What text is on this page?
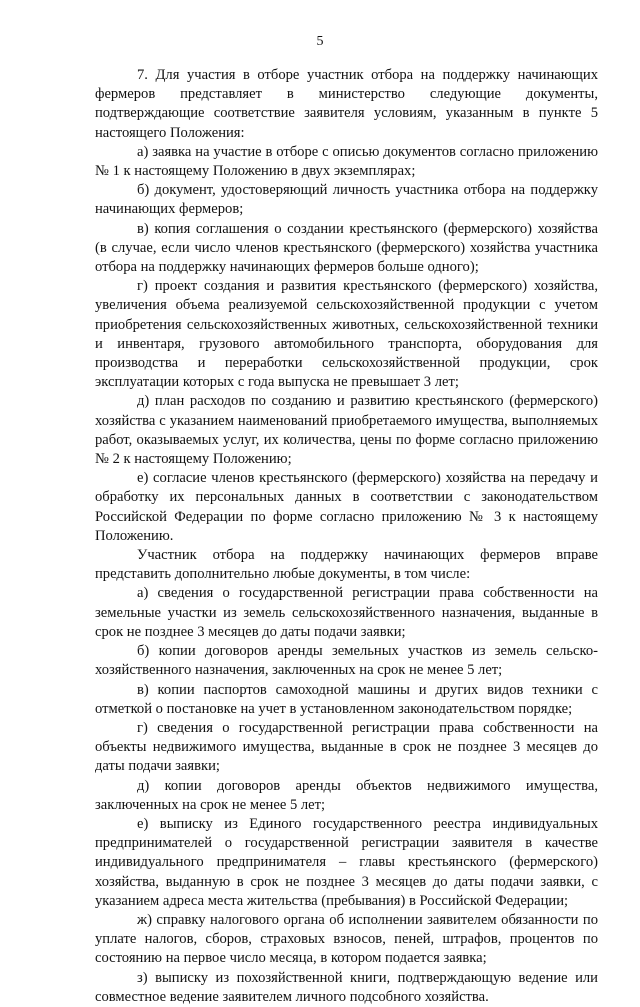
5

7. Для участия в отборе участник отбора на поддержку начинающих фермеров представляет в министерство следующие документы, подтверждающие соответствие заявителя условиям, указанным в пункте 5 настоящего Положения:

а) заявка на участие в отборе с описью документов согласно приложению № 1 к настоящему Положению в двух экземплярах;

б) документ, удостоверяющий личность участника отбора на поддержку начинающих фермеров;

в) копия соглашения о создании крестьянского (фермерского) хозяйства (в случае, если число членов крестьянского (фермерского) хозяйства участника отбора на поддержку начинающих фермеров больше одного);

г) проект создания и развития крестьянского (фермерского) хозяйства, увеличения объема реализуемой сельскохозяйственной продукции с учетом приобретения сельскохозяйственных животных, сельскохозяйственной техники и инвентаря, грузового автомобильного транспорта, оборудования для производства и переработки сельскохозяйственной продукции, срок эксплуатации которых с года выпуска не превышает 3 лет;

д) план расходов по созданию и развитию крестьянского (фермерского) хозяйства с указанием наименований приобретаемого имущества, выполняемых работ, оказываемых услуг, их количества, цены по форме согласно приложению № 2 к настоящему Положению;

е) согласие членов крестьянского (фермерского) хозяйства на передачу и обработку их персональных данных в соответствии с законодательством Российской Федерации по форме согласно приложению № 3 к настоящему Положению.

Участник отбора на поддержку начинающих фермеров вправе представить дополнительно любые документы, в том числе:

а) сведения о государственной регистрации права собственности на земельные участки из земель сельскохозяйственного назначения, выданные в срок не позднее 3 месяцев до даты подачи заявки;

б) копии договоров аренды земельных участков из земель сельско-хозяйственного назначения, заключенных на срок не менее 5 лет;

в) копии паспортов самоходной машины и других видов техники с отметкой о постановке на учет в установленном законодательством порядке;

г) сведения о государственной регистрации права собственности на объекты недвижимого имущества, выданные в срок не позднее 3 месяцев до даты подачи заявки;

д) копии договоров аренды объектов недвижимого имущества, заключенных на срок не менее 5 лет;

е) выписку из Единого государственного реестра индивидуальных предпринимателей о государственной регистрации заявителя в качестве индивидуального предпринимателя – главы крестьянского (фермерского) хозяйства, выданную в срок не позднее 3 месяцев до даты подачи заявки, с указанием адреса места жительства (пребывания) в Российской Федерации;

ж) справку налогового органа об исполнении заявителем обязанности по уплате налогов, сборов, страховых взносов, пеней, штрафов, процентов по состоянию на первое число месяца, в котором подается заявка;

з) выписку из похозяйственной книги, подтверждающую ведение или совместное ведение заявителем личного подсобного хозяйства.
